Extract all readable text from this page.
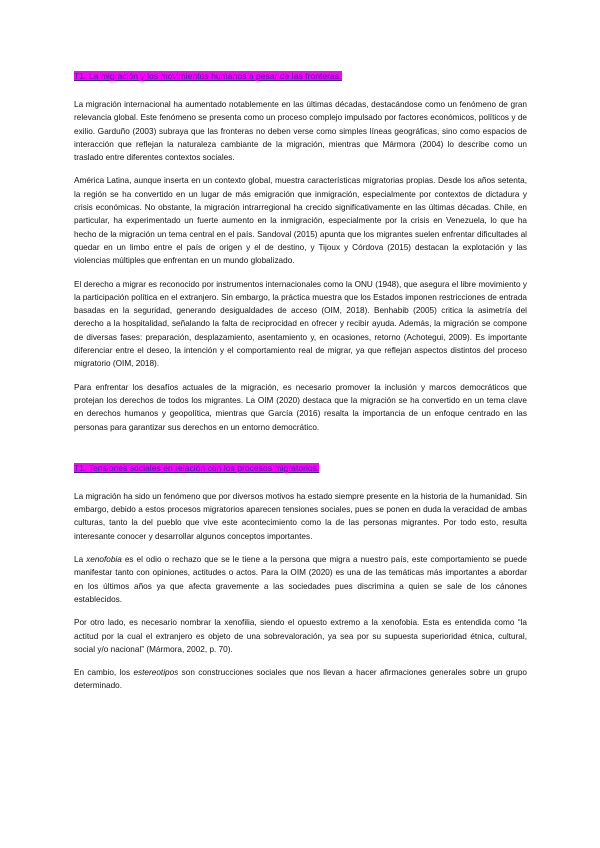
T1. La migración y los movimientos humanos a pesar de las fronteras.

La migración internacional ha aumentado notablemente en las últimas décadas, destacándose como un fenómeno de gran relevancia global. Este fenómeno se presenta como un proceso complejo impulsado por factores económicos, políticos y de exilio. Garduño (2003) subraya que las fronteras no deben verse como simples líneas geográficas, sino como espacios de interacción que reflejan la naturaleza cambiante de la migración, mientras que Mármora (2004) lo describe como un traslado entre diferentes contextos sociales.

América Latina, aunque inserta en un contexto global, muestra características migratorias propias. Desde los años setenta, la región se ha convertido en un lugar de más emigración que inmigración, especialmente por contextos de dictadura y crisis económicas. No obstante, la migración intrarregional ha crecido significativamente en las últimas décadas. Chile, en particular, ha experimentado un fuerte aumento en la inmigración, especialmente por la crisis en Venezuela, lo que ha hecho de la migración un tema central en el país. Sandoval (2015) apunta que los migrantes suelen enfrentar dificultades al quedar en un limbo entre el país de origen y el de destino, y Tijoux y Córdova (2015) destacan la explotación y las violencias múltiples que enfrentan en un mundo globalizado.

El derecho a migrar es reconocido por instrumentos internacionales como la ONU (1948), que asegura el libre movimiento y la participación política en el extranjero. Sin embargo, la práctica muestra que los Estados imponen restricciones de entrada basadas en la seguridad, generando desigualdades de acceso (OIM, 2018). Benhabib (2005) critica la asimetría del derecho a la hospitalidad, señalando la falta de reciprocidad en ofrecer y recibir ayuda. Además, la migración se compone de diversas fases: preparación, desplazamiento, asentamiento y, en ocasiones, retorno (Achotegui, 2009). Es importante diferenciar entre el deseo, la intención y el comportamiento real de migrar, ya que reflejan aspectos distintos del proceso migratorio (OIM, 2018).

Para enfrentar los desafíos actuales de la migración, es necesario promover la inclusión y marcos democráticos que protejan los derechos de todos los migrantes. La OIM (2020) destaca que la migración se ha convertido en un tema clave en derechos humanos y geopolítica, mientras que García (2016) resalta la importancia de un enfoque centrado en las personas para garantizar sus derechos en un entorno democrático.

T1. Tensiones sociales en relación con los procesos migratorios.

La migración ha sido un fenómeno que por diversos motivos ha estado siempre presente en la historia de la humanidad. Sin embargo, debido a estos procesos migratorios aparecen tensiones sociales, pues se ponen en duda la veracidad de ambas culturas, tanto la del pueblo que vive este acontecimiento como la de las personas migrantes. Por todo esto, resulta interesante conocer y desarrollar algunos conceptos importantes.

La xenofobia es el odio o rechazo que se le tiene a la persona que migra a nuestro país, este comportamiento se puede manifestar tanto con opiniones, actitudes o actos. Para la OIM (2020) es una de las temáticas más importantes a abordar en los últimos años ya que afecta gravemente a las sociedades pues discrimina a quien se sale de los cánones establecidos.

Por otro lado, es necesario nombrar la xenofilia, siendo el opuesto extremo a la xenofobia. Esta es entendida como “la actitud por la cual el extranjero es objeto de una sobrevaloración, ya sea por su supuesta superioridad étnica, cultural, social y/o nacional” (Mármora, 2002, p. 70).

En cambio, los estereotipos son construcciones sociales que nos llevan a hacer afirmaciones generales sobre un grupo determinado.
